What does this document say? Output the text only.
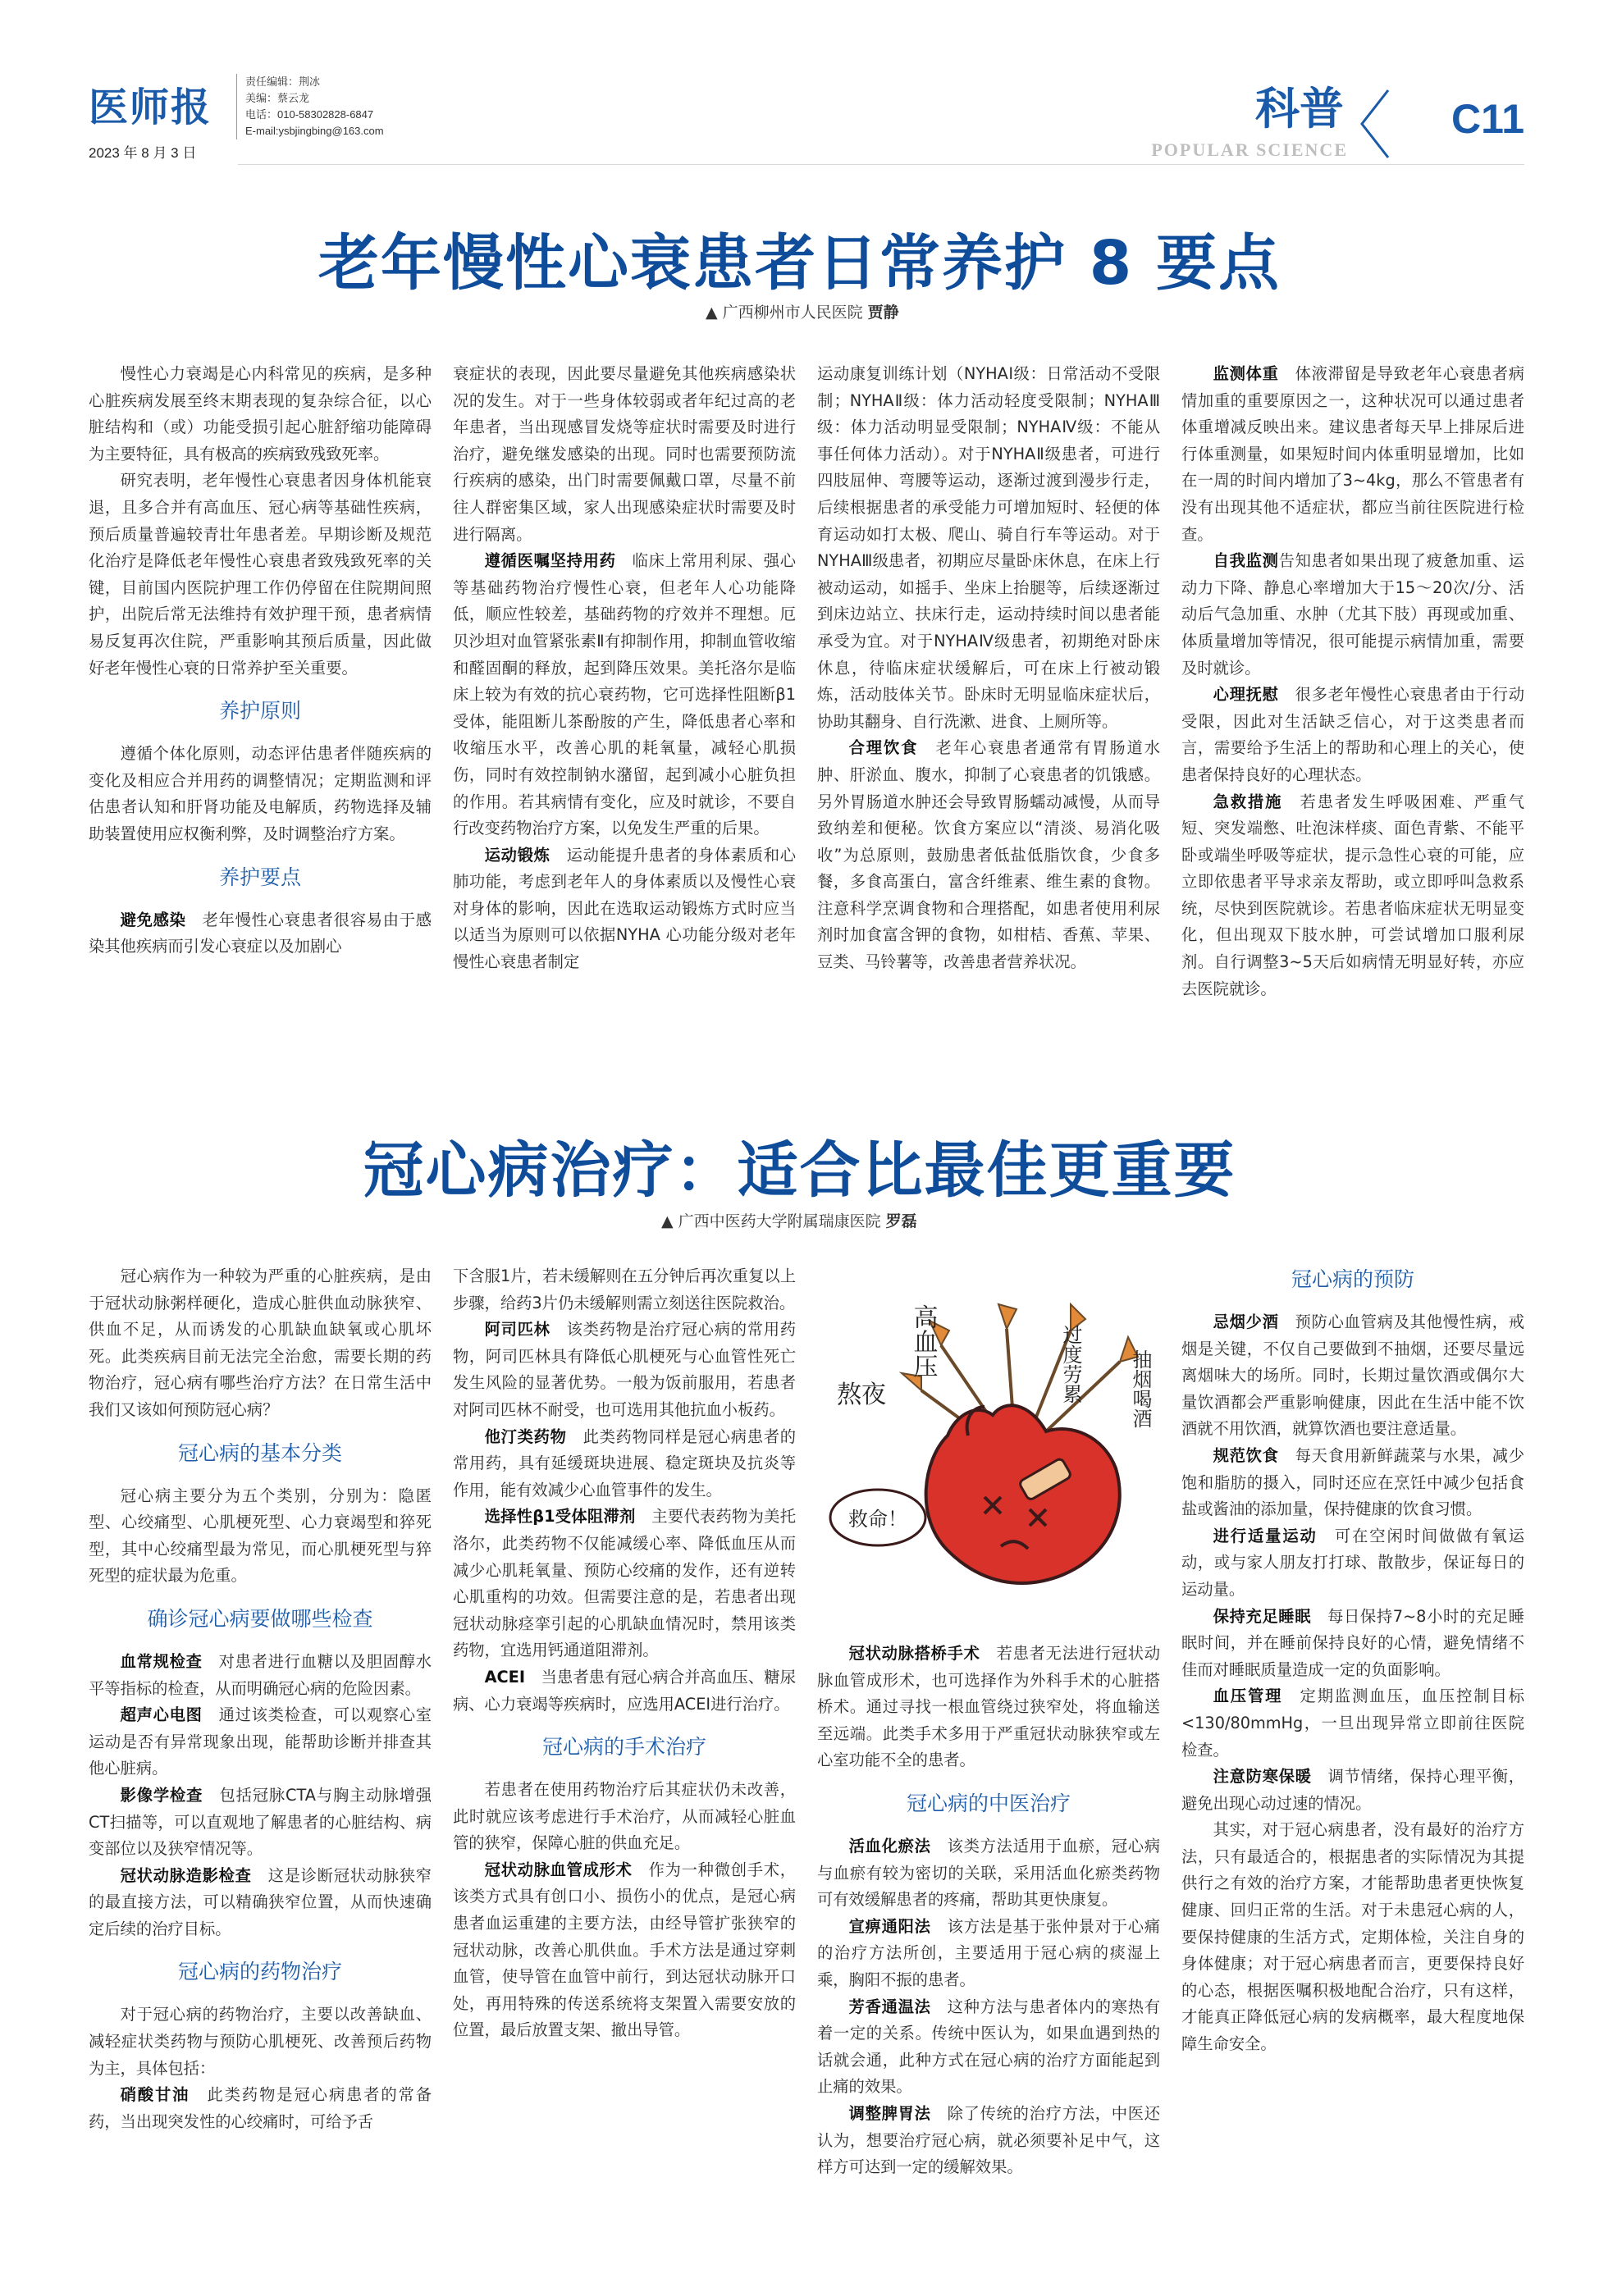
医师报
2023 年 8 月 3 日
责任编辑：荆冰
美编：蔡云龙
电话：010-58302828-6847
E-mail:ysbjingbing@163.com	科普
POPULAR SCIENCE
C11
老年慢性心衰患者日常养护 8 要点
▲ 广西柳州市人民医院 贾静

慢性心力衰竭是心内科常见的疾病，是多种心脏疾病发展至终末期表现的复杂综合征，以心脏结构和（或）功能受损引起心脏舒缩功能障碍为主要特征，具有极高的疾病致残致死率。

研究表明，老年慢性心衰患者因身体机能衰退，且多合并有高血压、冠心病等基础性疾病，预后质量普遍较青壮年患者差。早期诊断及规范化治疗是降低老年慢性心衰患者致残致死率的关键，目前国内医院护理工作仍停留在住院期间照护，出院后常无法维持有效护理干预，患者病情易反复再次住院，严重影响其预后质量，因此做好老年慢性心衰的日常养护至关重要。

养护原则

遵循个体化原则，动态评估患者伴随疾病的变化及相应合并用药的调整情况；定期监测和评估患者认知和肝肾功能及电解质，药物选择及辅助装置使用应权衡利弊，及时调整治疗方案。

养护要点

避免感染　老年慢性心衰患者很容易由于感染其他疾病而引发心衰症以及加剧心

衰症状的表现，因此要尽量避免其他疾病感染状况的发生。对于一些身体较弱或者年纪过高的老年患者，当出现感冒发烧等症状时需要及时进行治疗，避免继发感染的出现。同时也需要预防流行疾病的感染，出门时需要佩戴口罩，尽量不前往人群密集区域，家人出现感染症状时需要及时进行隔离。

遵循医嘱坚持用药　临床上常用利尿、强心等基础药物治疗慢性心衰，但老年人心功能降低，顺应性较差，基础药物的疗效并不理想。厄贝沙坦对血管紧张素Ⅱ有抑制作用，抑制血管收缩和醛固酮的释放，起到降压效果。美托洛尔是临床上较为有效的抗心衰药物，它可选择性阻断β1受体，能阻断儿茶酚胺的产生，降低患者心率和收缩压水平，改善心肌的耗氧量，减轻心肌损伤，同时有效控制钠水潴留，起到减小心脏负担的作用。若其病情有变化，应及时就诊，不要自行改变药物治疗方案，以免发生严重的后果。

运动锻炼　运动能提升患者的身体素质和心肺功能，考虑到老年人的身体素质以及慢性心衰对身体的影响，因此在选取运动锻炼方式时应当以适当为原则可以依据NYHA 心功能分级对老年慢性心衰患者制定

运动康复训练计划（NYHAⅠ级：日常活动不受限制；NYHAⅡ级：体力活动轻度受限制；NYHAⅢ级：体力活动明显受限制；NYHAⅣ级：不能从事任何体力活动）。对于NYHAⅡ级患者，可进行四肢屈伸、弯腰等运动，逐渐过渡到漫步行走，后续根据患者的承受能力可增加短时、轻便的体育运动如打太极、爬山、骑自行车等运动。对于NYHAⅢ级患者，初期应尽量卧床休息，在床上行被动运动，如摇手、坐床上抬腿等，后续逐渐过到床边站立、扶床行走，运动持续时间以患者能承受为宜。对于NYHAⅣ级患者，初期绝对卧床休息，待临床症状缓解后，可在床上行被动锻炼，活动肢体关节。卧床时无明显临床症状后，协助其翻身、自行洗漱、进食、上厕所等。

合理饮食　老年心衰患者通常有胃肠道水肿、肝淤血、腹水，抑制了心衰患者的饥饿感。另外胃肠道水肿还会导致胃肠蠕动减慢，从而导致纳差和便秘。饮食方案应以“清淡、易消化吸收”为总原则，鼓励患者低盐低脂饮食，少食多餐，多食高蛋白，富含纤维素、维生素的食物。注意科学烹调食物和合理搭配，如患者使用利尿剂时加食富含钾的食物，如柑桔、香蕉、苹果、豆类、马铃薯等，改善患者营养状况。

监测体重　体液滞留是导致老年心衰患者病情加重的重要原因之一，这种状况可以通过患者体重增减反映出来。建议患者每天早上排尿后进行体重测量，如果短时间内体重明显增加，比如在一周的时间内增加了3~4kg，那么不管患者有没有出现其他不适症状，都应当前往医院进行检查。

自我监测告知患者如果出现了疲惫加重、运动力下降、静息心率增加大于15～20次/分、活动后气急加重、水肿（尤其下肢）再现或加重、体质量增加等情况，很可能提示病情加重，需要及时就诊。

心理抚慰　很多老年慢性心衰患者由于行动受限，因此对生活缺乏信心，对于这类患者而言，需要给予生活上的帮助和心理上的关心，使患者保持良好的心理状态。

急救措施　若患者发生呼吸困难、严重气短、突发端憋、吐泡沫样痰、面色青紫、不能平卧或端坐呼吸等症状，提示急性心衰的可能，应立即依患者平导求亲友帮助，或立即呼叫急救系统，尽快到医院就诊。若患者临床症状无明显变化，但出现双下肢水肿，可尝试增加口服利尿剂。自行调整3~5天后如病情无明显好转，亦应去医院就诊。

冠心病治疗：适合比最佳更重要
▲ 广西中医药大学附属瑞康医院 罗磊

冠心病作为一种较为严重的心脏疾病，是由于冠状动脉粥样硬化，造成心脏供血动脉狭窄、供血不足，从而诱发的心肌缺血缺氧或心肌坏死。此类疾病目前无法完全治愈，需要长期的药物治疗，冠心病有哪些治疗方法？在日常生活中我们又该如何预防冠心病？

冠心病的基本分类

冠心病主要分为五个类别，分别为：隐匿型、心绞痛型、心肌梗死型、心力衰竭型和猝死型，其中心绞痛型最为常见，而心肌梗死型与猝死型的症状最为危重。

确诊冠心病要做哪些检查

血常规检查　对患者进行血糖以及胆固醇水平等指标的检查，从而明确冠心病的危险因素。

超声心电图　通过该类检查，可以观察心室运动是否有异常现象出现，能帮助诊断并排查其他心脏病。

影像学检查　包括冠脉CTA与胸主动脉增强CT扫描等，可以直观地了解患者的心脏结构、病变部位以及狭窄情况等。

冠状动脉造影检查　这是诊断冠状动脉狭窄的最直接方法，可以精确狭窄位置，从而快速确定后续的治疗目标。

冠心病的药物治疗

对于冠心病的药物治疗，主要以改善缺血、减轻症状类药物与预防心肌梗死、改善预后药物为主，具体包括：

硝酸甘油　此类药物是冠心病患者的常备药，当出现突发性的心绞痛时，可给予舌

下含服1片，若未缓解则在五分钟后再次重复以上步骤，给药3片仍未缓解则需立刻送往医院救治。

阿司匹林　该类药物是治疗冠心病的常用药物，阿司匹林具有降低心肌梗死与心血管性死亡发生风险的显著优势。一般为饭前服用，若患者对阿司匹林不耐受，也可选用其他抗血小板药。

他汀类药物　此类药物同样是冠心病患者的常用药，具有延缓斑块进展、稳定斑块及抗炎等作用，能有效减少心血管事件的发生。

选择性β1受体阻滞剂　主要代表药物为美托洛尔，此类药物不仅能减缓心率、降低血压从而减少心肌耗氧量、预防心绞痛的发作，还有逆转心肌重构的功效。但需要注意的是，若患者出现冠状动脉痉挛引起的心肌缺血情况时，禁用该类药物，宜选用钙通道阻滞剂。

ACEI　当患者患有冠心病合并高血压、糖尿病、心力衰竭等疾病时，应选用ACEI进行治疗。

冠心病的手术治疗

若患者在使用药物治疗后其症状仍未改善，此时就应该考虑进行手术治疗，从而减轻心脏血管的狭窄，保障心脏的供血充足。

冠状动脉血管成形术　作为一种微创手术，该类方式具有创口小、损伤小的优点，是冠心病患者血运重建的主要方法，由经导管扩张狭窄的冠状动脉，改善心肌供血。手术方法是通过穿刺血管，使导管在血管中前行，到达冠状动脉开口处，再用特殊的传送系统将支架置入需要安放的位置，最后放置支架、撤出导管。

救命！
高血压	过度劳累 抽烟喝酒
熬夜

冠状动脉搭桥手术　若患者无法进行冠状动脉血管成形术，也可选择作为外科手术的心脏搭桥术。通过寻找一根血管绕过狭窄处，将血输送至远端。此类手术多用于严重冠状动脉狭窄或左心室功能不全的患者。

冠心病的中医治疗

活血化瘀法　该类方法适用于血瘀，冠心病与血瘀有较为密切的关联，采用活血化瘀类药物可有效缓解患者的疼痛，帮助其更快康复。

宣痹通阳法　该方法是基于张仲景对于心痛的治疗方法所创，主要适用于冠心病的痰湿上乘，胸阳不振的患者。

芳香通温法　这种方法与患者体内的寒热有着一定的关系。传统中医认为，如果血遇到热的话就会通，此种方式在冠心病的治疗方面能起到止痛的效果。

调整脾胃法　除了传统的治疗方法，中医还认为，想要治疗冠心病，就必须要补足中气，这样方可达到一定的缓解效果。

冠心病的预防

忌烟少酒　预防心血管病及其他慢性病，戒烟是关键，不仅自己要做到不抽烟，还要尽量远离烟味大的场所。同时，长期过量饮酒或偶尔大量饮酒都会严重影响健康，因此在生活中能不饮酒就不用饮酒，就算饮酒也要注意适量。

规范饮食　每天食用新鲜蔬菜与水果，减少饱和脂肪的摄入，同时还应在烹饪中减少包括食盐或酱油的添加量，保持健康的饮食习惯。

进行适量运动　可在空闲时间做做有氧运动，或与家人朋友打打球、散散步，保证每日的运动量。

保持充足睡眠　每日保持7~8小时的充足睡眠时间，并在睡前保持良好的心情，避免情绪不佳而对睡眠质量造成一定的负面影响。

血压管理　定期监测血压，血压控制目标<130/80mmHg，一旦出现异常立即前往医院检查。

注意防寒保暖　调节情绪，保持心理平衡，避免出现心动过速的情况。

其实，对于冠心病患者，没有最好的治疗方法，只有最适合的，根据患者的实际情况为其提供行之有效的治疗方案，才能帮助患者更快恢复健康、回归正常的生活。对于未患冠心病的人，要保持健康的生活方式，定期体检，关注自身的身体健康；对于冠心病患者而言，更要保持良好的心态，根据医嘱积极地配合治疗，只有这样，才能真正降低冠心病的发病概率，最大程度地保障生命安全。
